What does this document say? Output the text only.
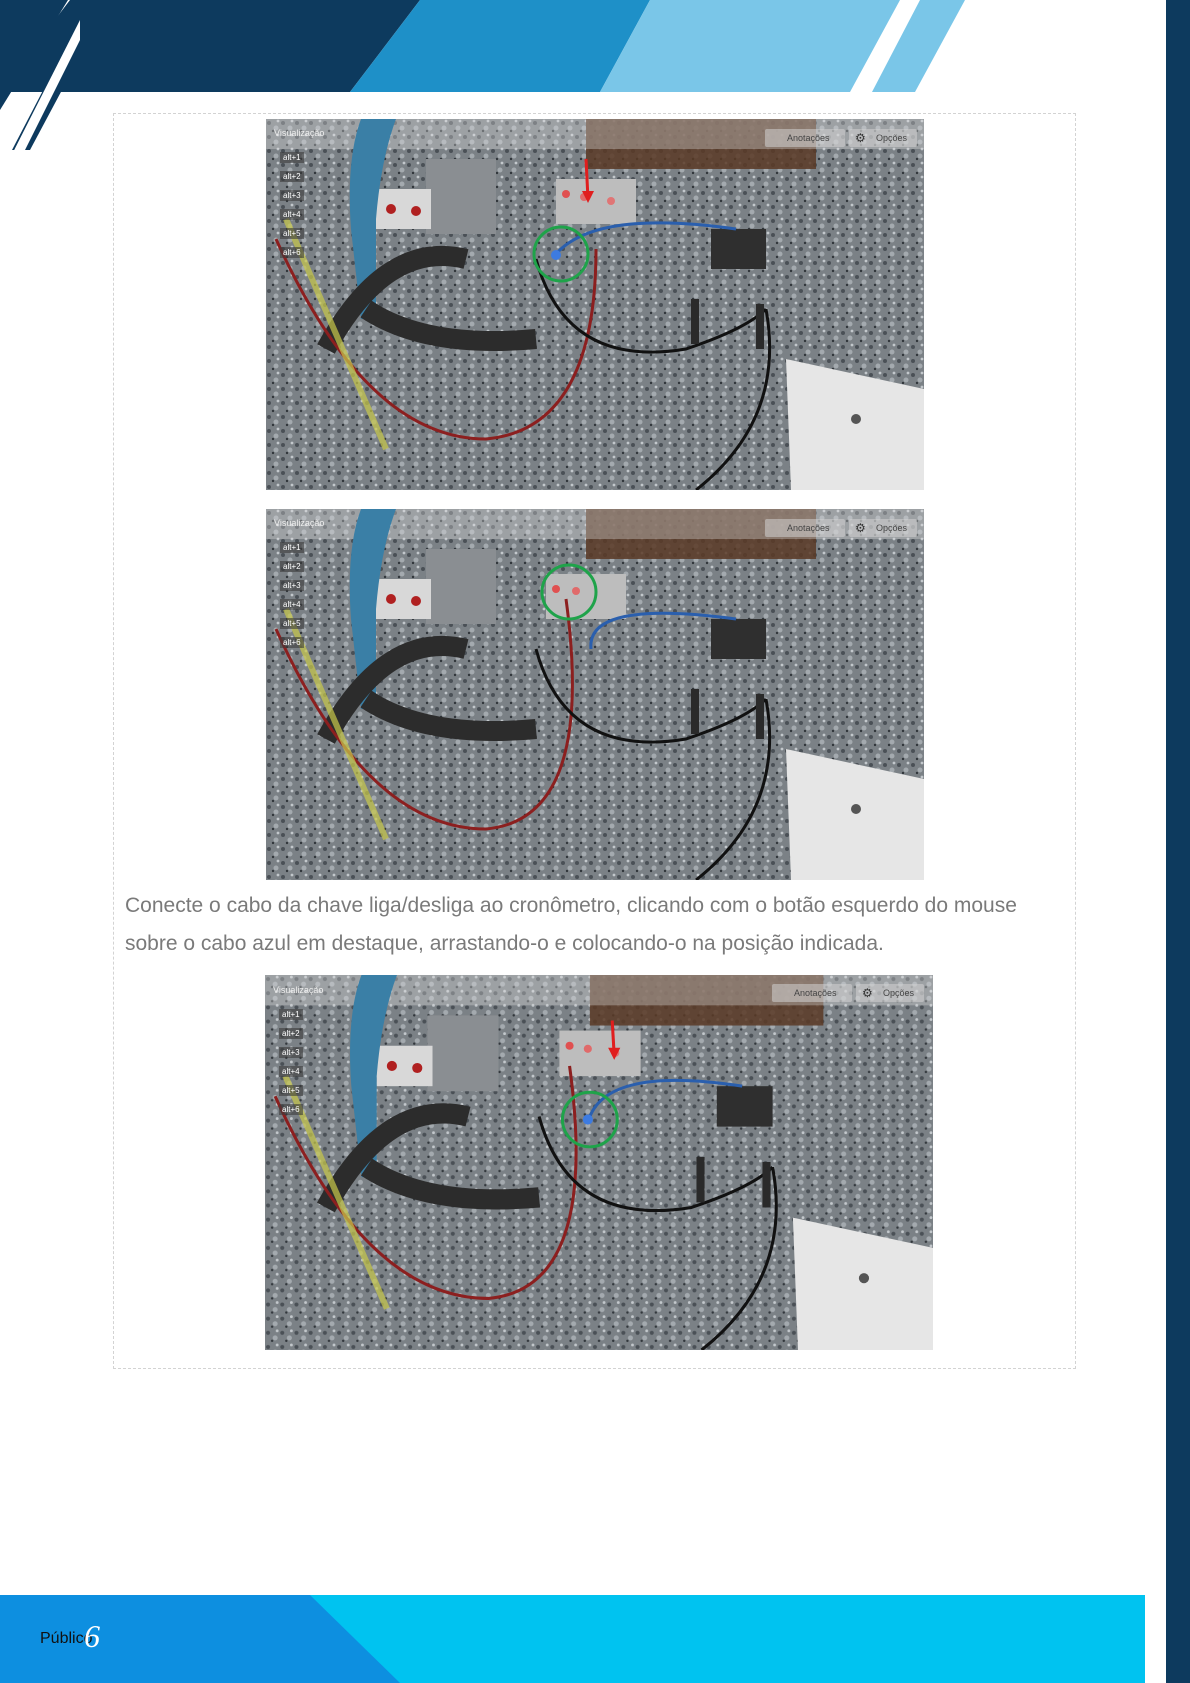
Visualização
alt+1
alt+2
alt+3
alt+4
alt+5
alt+6
Anotações ⚙ Opções
Visualização
alt+1
alt+2
alt+3
alt+4
alt+5
alt+6
Anotações ⚙ Opções

Conecte o cabo da chave liga/desliga ao cronômetro, clicando com o botão esquerdo do mouse sobre o cabo azul em destaque, arrastando-o e colocando-o na posição indicada.

Visualização
alt+1
alt+2
alt+3
alt+4
alt+5
alt+6
Anotações ⚙ Opções
Público
6
